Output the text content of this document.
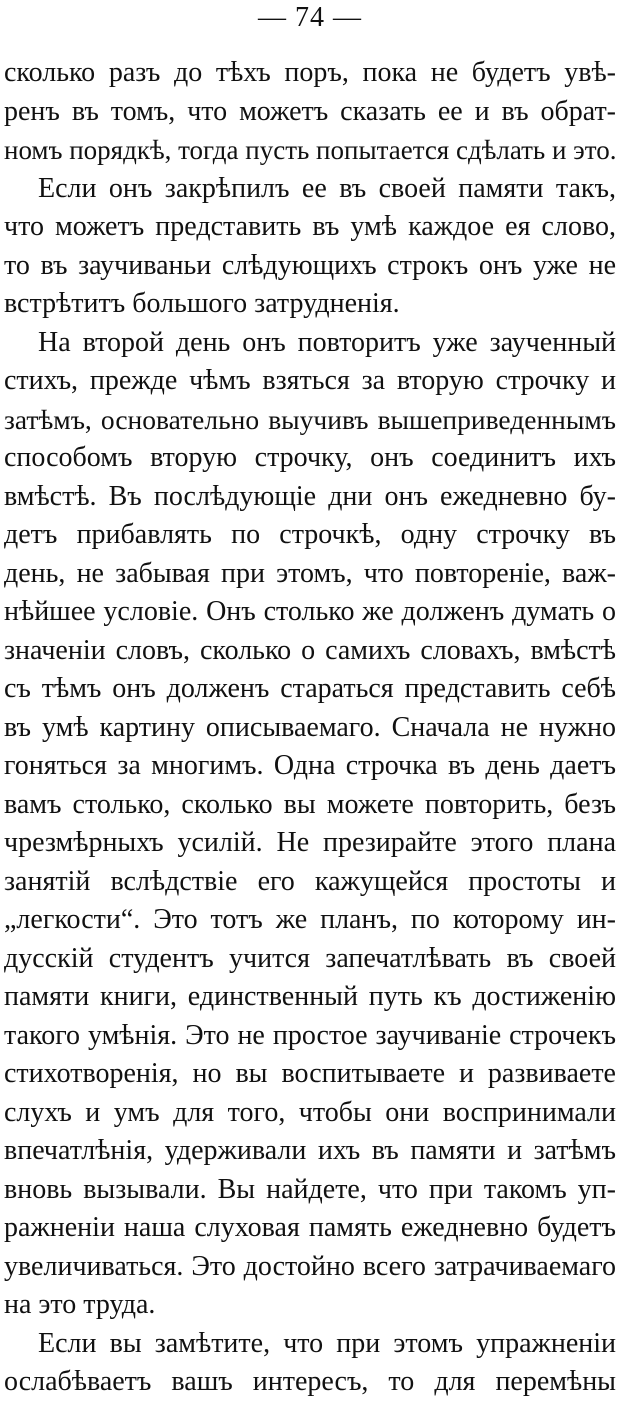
— 74 —
сколько разъ до тѣхъ поръ, пока не будетъ увѣ-
ренъ въ томъ, что можетъ сказать ее и въ обрат-
номъ порядкѣ, тогда пусть попытается сдѣлать и это.
Если онъ закрѣпилъ ее въ своей памяти такъ,
что можетъ представить въ умѣ каждое ея слово,
то въ заучиваньи слѣдующихъ строкъ онъ уже не
встрѣтитъ большого затрудненія.
На второй день онъ повторитъ уже заученный
стихъ, прежде чѣмъ взяться за вторую строчку и
затѣмъ, основательно выучивъ вышеприведеннымъ
способомъ вторую строчку, онъ соединитъ ихъ
вмѣстѣ. Въ послѣдующіе дни онъ ежедневно бу-
детъ прибавлять по строчкѣ, одну строчку въ
день, не забывая при этомъ, что повтореніе, важ-
нѣйшее условіе. Онъ столько же долженъ думать о
значеніи словъ, сколько о самихъ словахъ, вмѣстѣ
съ тѣмъ онъ долженъ стараться представить себѣ
въ умѣ картину описываемаго. Сначала не нужно
гоняться за многимъ. Одна строчка въ день даетъ
вамъ столько, сколько вы можете повторить, безъ
чрезмѣрныхъ усилій. Не презирайте этого плана
занятій вслѣдствіе его кажущейся простоты и
„легкости“. Это тотъ же планъ, по которому ин-
дусскій студентъ учится запечатлѣвать въ своей
памяти книги, единственный путь къ достиженію
такого умѣнія. Это не простое заучиваніе строчекъ
стихотворенія, но вы воспитываете и развиваете
слухъ и умъ для того, чтобы они воспринимали
впечатлѣнія, удерживали ихъ въ памяти и затѣмъ
вновь вызывали. Вы найдете, что при такомъ уп-
ражненіи наша слуховая память ежедневно будетъ
увеличиваться. Это достойно всего затрачиваемаго
на это труда.
Если вы замѣтите, что при этомъ упражненіи
ослабѣваетъ вашъ интересъ, то для перемѣны
